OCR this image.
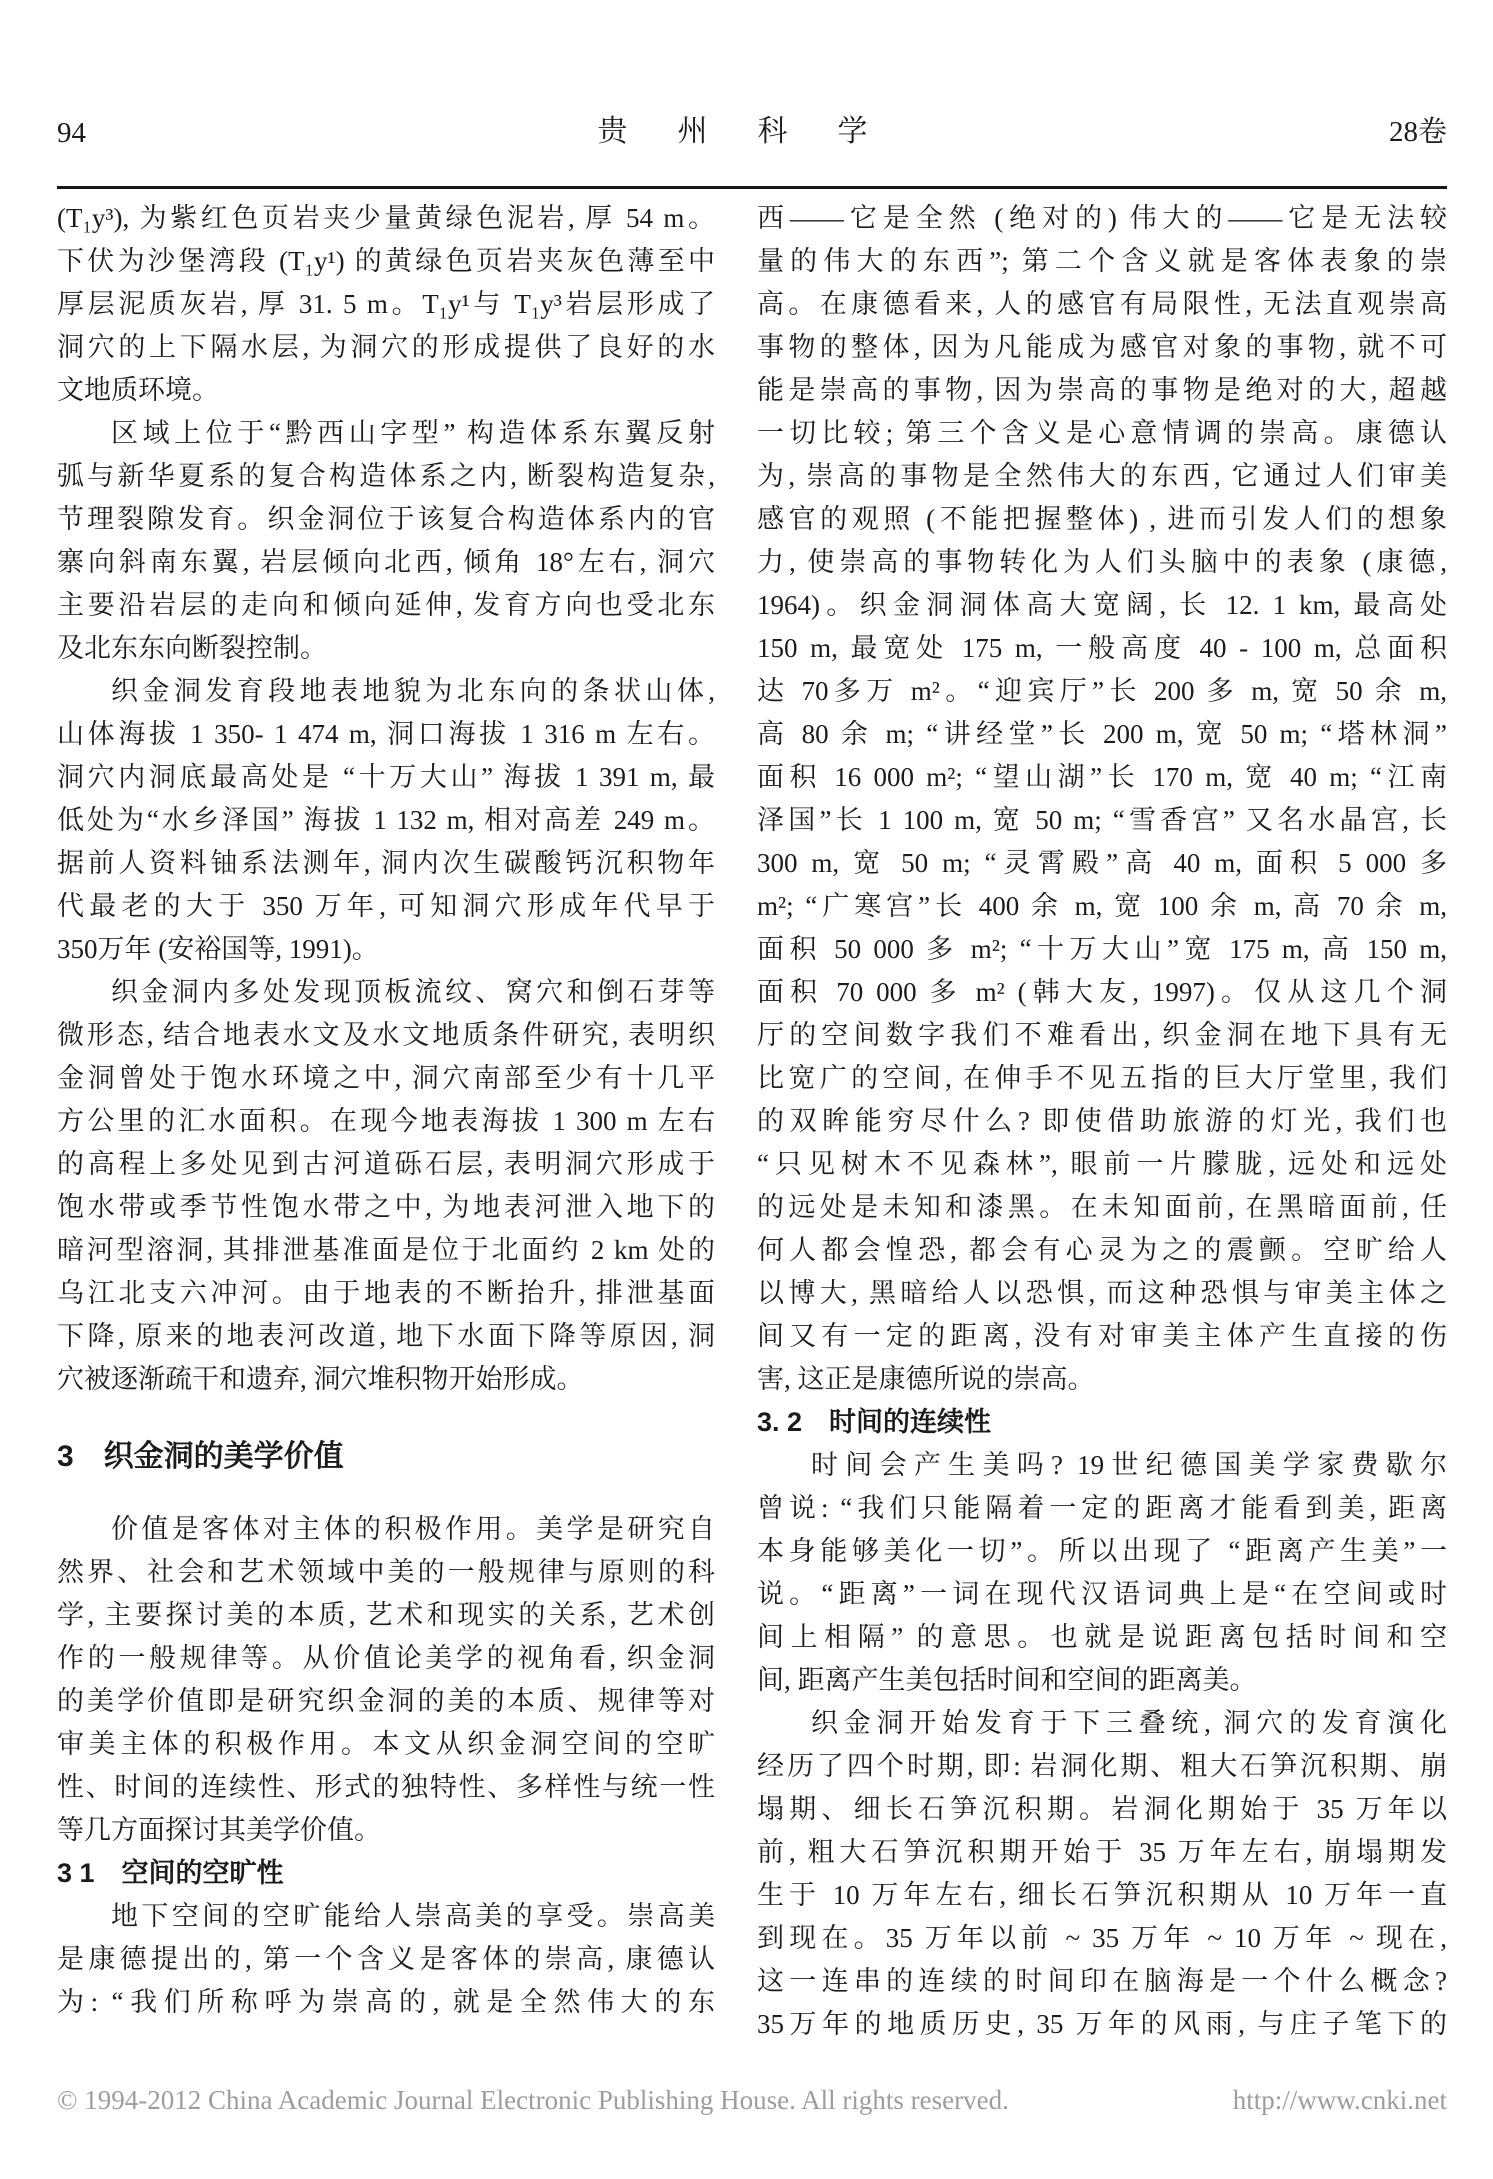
94	贵　州　科　学	28卷
(T₁y³), 为紫红色页岩夹少量黄绿色泥岩, 厚 54 m。
下伏为沙堡湾段 (T₁y¹) 的黄绿色页岩夹灰色薄至中
厚层泥质灰岩, 厚 31. 5 m。T₁y¹与 T₁y³岩层形成了
洞穴的上下隔水层, 为洞穴的形成提供了良好的水
文地质环境。
区域上位于“黔西山字型” 构造体系东翼反射
弧与新华夏系的复合构造体系之内, 断裂构造复杂,
节理裂隙发育。织金洞位于该复合构造体系内的官
寨向斜南东翼, 岩层倾向北西, 倾角 18°左右, 洞穴
主要沿岩层的走向和倾向延伸, 发育方向也受北东
及北东东向断裂控制。
织金洞发育段地表地貌为北东向的条状山体,
山体海拔 1 350- 1 474 m, 洞口海拔 1 316 m 左右。
洞穴内洞底最高处是 “十万大山” 海拔 1 391 m, 最
低处为“水乡泽国” 海拔 1 132 m, 相对高差 249 m。
据前人资料铀系法测年, 洞内次生碳酸钙沉积物年
代最老的大于 350 万年, 可知洞穴形成年代早于
350万年 (安裕国等, 1991)。
织金洞内多处发现顶板流纹、窝穴和倒石芽等
微形态, 结合地表水文及水文地质条件研究, 表明织
金洞曾处于饱水环境之中, 洞穴南部至少有十几平
方公里的汇水面积。在现今地表海拔 1 300 m 左右
的高程上多处见到古河道砾石层, 表明洞穴形成于
饱水带或季节性饱水带之中, 为地表河泄入地下的
暗河型溶洞, 其排泄基准面是位于北面约 2 km 处的
乌江北支六冲河。由于地表的不断抬升, 排泄基面
下降, 原来的地表河改道, 地下水面下降等原因, 洞
穴被逐渐疏干和遗弃, 洞穴堆积物开始形成。
3　织金洞的美学价值
价值是客体对主体的积极作用。美学是研究自
然界、社会和艺术领域中美的一般规律与原则的科
学, 主要探讨美的本质, 艺术和现实的关系, 艺术创
作的一般规律等。从价值论美学的视角看, 织金洞
的美学价值即是研究织金洞的美的本质、规律等对
审美主体的积极作用。本文从织金洞空间的空旷
性、时间的连续性、形式的独特性、多样性与统一性
等几方面探讨其美学价值。
3 1　空间的空旷性
地下空间的空旷能给人崇高美的享受。崇高美
是康德提出的, 第一个含义是客体的崇高, 康德认
为: “我们所称呼为崇高的, 就是全然伟大的东
西——它是全然 (绝对的) 伟大的——它是无法较
量的伟大的东西”; 第二个含义就是客体表象的崇
高。在康德看来, 人的感官有局限性, 无法直观崇高
事物的整体, 因为凡能成为感官对象的事物, 就不可
能是崇高的事物, 因为崇高的事物是绝对的大, 超越
一切比较; 第三个含义是心意情调的崇高。康德认
为, 崇高的事物是全然伟大的东西, 它通过人们审美
感官的观照 (不能把握整体) , 进而引发人们的想象
力, 使崇高的事物转化为人们头脑中的表象 (康德,
1964)。织金洞洞体高大宽阔, 长 12. 1 km, 最高处
150 m, 最宽处 175 m, 一般高度 40 - 100 m, 总面积
达 70多万 m²。“迎宾厅”长 200 多 m, 宽 50 余 m,
高 80 余 m; “讲经堂”长 200 m, 宽 50 m; “塔林洞”
面积 16 000 m²; “望山湖”长 170 m, 宽 40 m; “江南
泽国”长 1 100 m, 宽 50 m; “雪香宫” 又名水晶宫, 长
300 m, 宽 50 m; “灵霄殿”高 40 m, 面积 5 000 多
m²; “广寒宫”长 400 余 m, 宽 100 余 m, 高 70 余 m,
面积 50 000 多 m²; “十万大山”宽 175 m, 高 150 m,
面积 70 000 多 m² (韩大友, 1997)。仅从这几个洞
厅的空间数字我们不难看出, 织金洞在地下具有无
比宽广的空间, 在伸手不见五指的巨大厅堂里, 我们
的双眸能穷尽什么? 即使借助旅游的灯光, 我们也
“只见树木不见森林”, 眼前一片朦胧, 远处和远处
的远处是未知和漆黑。在未知面前, 在黑暗面前, 任
何人都会惶恐, 都会有心灵为之的震颤。空旷给人
以博大, 黑暗给人以恐惧, 而这种恐惧与审美主体之
间又有一定的距离, 没有对审美主体产生直接的伤
害, 这正是康德所说的崇高。
3. 2　时间的连续性
时间会产生美吗? 19世纪德国美学家费歇尔
曾说: “我们只能隔着一定的距离才能看到美, 距离
本身能够美化一切”。所以出现了 “距离产生美”一
说。“距离”一词在现代汉语词典上是“在空间或时
间上相隔” 的意思。也就是说距离包括时间和空
间, 距离产生美包括时间和空间的距离美。
织金洞开始发育于下三叠统, 洞穴的发育演化
经历了四个时期, 即: 岩洞化期、粗大石笋沉积期、崩
塌期、细长石笋沉积期。岩洞化期始于 35 万年以
前, 粗大石笋沉积期开始于 35 万年左右, 崩塌期发
生于 10 万年左右, 细长石笋沉积期从 10 万年一直
到现在。35 万年以前 ~ 35 万年 ~ 10 万年 ~ 现在,
这一连串的连续的时间印在脑海是一个什么概念?
35万年的地质历史, 35 万年的风雨, 与庄子笔下的
© 1994-2012 China Academic Journal Electronic Publishing House. All rights reserved.	http://www.cnki.net
